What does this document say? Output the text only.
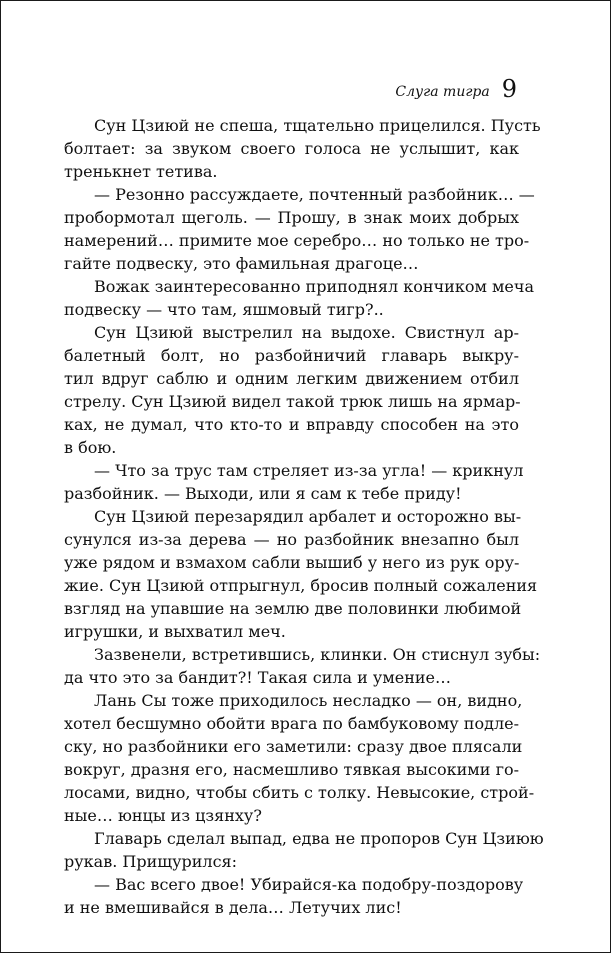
Слуга тигра 9

Сун Цзиюй не спеша, тщательно прицелился. Пусть
болтает: за звуком своего голоса не услышит, как
тренькнет тетива.

— Резонно рассуждаете, почтенный разбойник… —
пробормотал щеголь. — Прошу, в знак моих добрых
намерений… примите мое серебро… но только не тро-
гайте подвеску, это фамильная драгоце…

Вожак заинтересованно приподнял кончиком меча
подвеску — что там, яшмовый тигр?..

Сун Цзиюй выстрелил на выдохе. Свистнул ар-
балетный болт, но разбойничий главарь выкру-
тил вдруг саблю и одним легким движением отбил
стрелу. Сун Цзиюй видел такой трюк лишь на ярмар-
ках, не думал, что кто-то и вправду способен на это
в бою.

— Что за трус там стреляет из-за угла! — крикнул
разбойник. — Выходи, или я сам к тебе приду!

Сун Цзиюй перезарядил арбалет и осторожно вы-
сунулся из-за дерева — но разбойник внезапно был
уже рядом и взмахом сабли вышиб у него из рук ору-
жие. Сун Цзиюй отпрыгнул, бросив полный сожаления
взгляд на упавшие на землю две половинки любимой
игрушки, и выхватил меч.

Зазвенели, встретившись, клинки. Он стиснул зубы:
да что это за бандит?! Такая сила и умение…

Лань Сы тоже приходилось несладко — он, видно,
хотел бесшумно обойти врага по бамбуковому подле-
ску, но разбойники его заметили: сразу двое плясали
вокруг, дразня его, насмешливо тявкая высокими го-
лосами, видно, чтобы сбить с толку. Невысокие, строй-
ные… юнцы из цзянху?

Главарь сделал выпад, едва не пропоров Сун Цзиюю
рукав. Прищурился:

— Вас всего двое! Убирайся-ка подобру-поздорову
и не вмешивайся в дела… Летучих лис!
